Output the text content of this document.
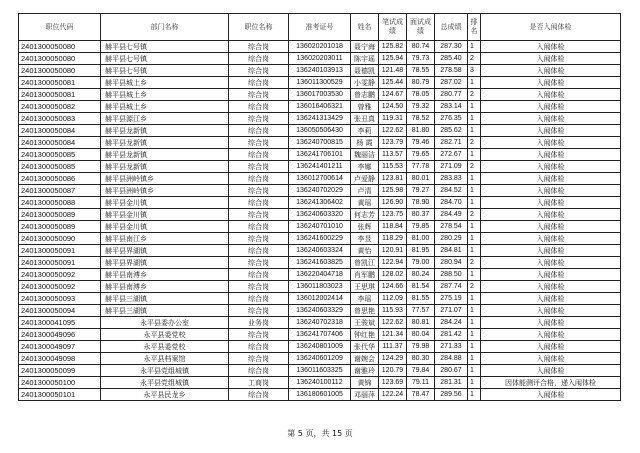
职位代码	部门名称	职位名称	准考证号	姓名	笔试成绩	面试成绩	总成绩	排名	是否入闱体检
2401300050080	赫平县七号镇	综合岗	136020201018	聂宁海	125.82	80.74	287.30	1	入闱体检
2401300050080	赫平县七号镇	综合岗	136020203011	陈宇瑶	125.94	79.73	285.40	2	入闱体检
2401300050080	赫平县七号镇	综合岗	136240103913	聂德凯	121.48	78.55	278.58	3	入闱体检
2401300050081	赫平县城上乡	综合岗	136011300529	小雯静	125.44	80.79	287.02	1	入闱体检
2401300050081	赫平县城上乡	综合岗	136017003530	曾志鹏	124.67	78.05	280.77	2	入闱体检
2401300050082	赫平县城上乡	综合岗	136016406321	曾雅	124.50	79.32	283.14	1	入闱体检
2401300050083	赫平县源江乡	综合岗	136241313429	张丑真	119.31	78.52	276.35	1	入闱体检
2401300050084	赫平县龙新镇	综合岗	136050506430	李莉	122.62	81.80	285.62	1	入闱体检
2401300050084	赫平县龙新镇	综合岗	136240700815	杨 霞	123.79	79.46	282.71	2	入闱体检
2401300050085	赫平县龙新镇	综合岗	136241706101	魏丽洁	113.57	79.65	272.67	1	入闱体检
2401300050085	赫平县龙新镇	综合岗	136241401211	李娜	115.53	77.78	271.09	2	入闱体检
2401300050086	赫平县洲岭镇乡	综合岗	136012700614	卢爱静	123.81	80.01	283.83	1	入闱体检
2401300050087	赫平县洲岭镇乡	综合岗	136240702029	卢清	125.98	79.27	284.52	1	入闱体检
2401300050088	赫平县金川镇	综合岗	136241306402	黄瑶	126.90	78.90	284.70	1	入闱体检
2401300050089	赫平县金川镇	综合岗	136240603320	何志芳	123.75	80.37	284.49	2	入闱体检
2401300050089	赫平县金川镇	综合岗	136240701010	张辉	118.84	79.85	278.54	1	入闱体检
2401300050090	赫平县南江乡	综合岗	136241600229	李昱	118.29	81.00	280.29	1	入闱体检
2401300050091	赫平县界湖镇	综合岗	136240603324	黄怡	120.91	81.95	284.81	1	入闱体检
2401300050091	赫平县界湖镇	综合岗	136241603825	曾凯江	122.94	79.00	280.94	2	入闱体检
2401300050092	赫平县南溥乡	综合岗	136220404718	肖军鹏	128.02	80.24	288.50	1	入闱体检
2401300050092	赫平县南溥乡	综合岗	136011803023	王思琪	124.66	81.54	287.74	2	入闱体检
2401300050093	赫平县三湖镇	综合岗	136012002414	李瑶	112.09	81.55	275.19	1	入闱体检
2401300050094	赫平县三湖镇	综合岗	136240603329	曾思艳	115.93	77.57	271.07	1	入闱体检
2401300041095	永平县委办公室	业务岗	136240702318	王骏斌	122.62	80.81	284.24	1	入闱体检
2401300049096	永平县委党校	综合岗	136241707406	钟红艳	121.34	80.04	281.42	1	入闱体检
2401300049097	永平县委党校	综合岗	136240801009	张代华	111.37	79.98	271.33	1	入闱体检
2401300049098	永平县档案馆	综合岗	136240601209	谢婉会	124.29	80.30	284.88	1	入闱体检
2401300050099	永平县党组城镇	综合岗	136011603325	谢雅玲	120.79	79.84	280.67	1	入闱体检
2401300050100	永平县党组城镇	工商岗	136240100112	黄锦	123.69	79.11	281.31	1	因体能测评合格，递入闱体检
2401300050101	永平县民龙乡	综合岗	136180601005	邓丽萍	122.24	78.47	289.56	1	入闱体检
第 5 页，共 15 页
